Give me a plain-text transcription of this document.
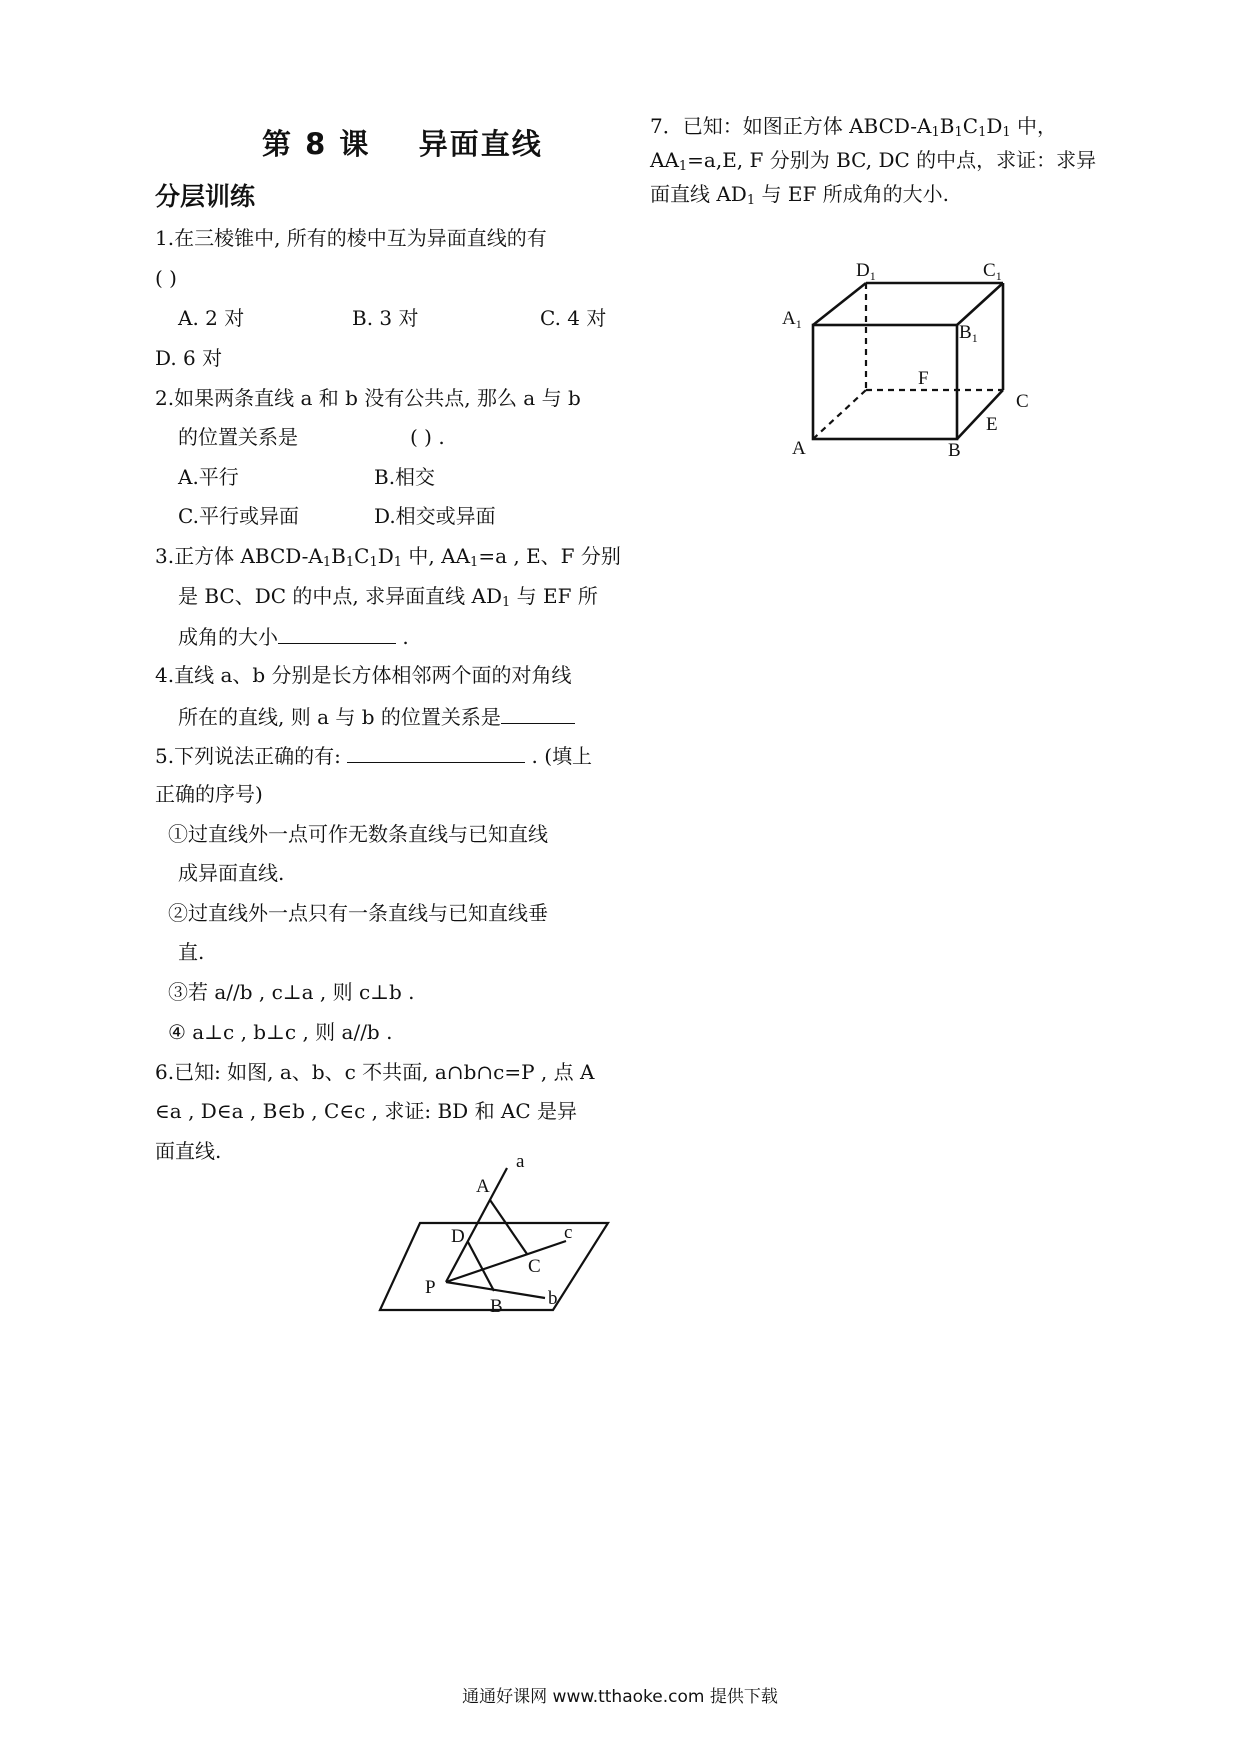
第 8 课    异面直线
分层训练
1.在三棱锥中, 所有的棱中互为异面直线的有
( )
A. 2 对	B. 3 对	C. 4 对
D. 6 对
2.如果两条直线 a 和 b 没有公共点, 那么 a 与 b
的位置关系是	( ) .
A.平行	B.相交
C.平行或异面	D.相交或异面
3.正方体 ABCD-$A_1B_1C_1D_1$ 中, $AA_1=a$ , E、F 分别
是 BC、DC 的中点, 求异面直线 $AD_1$ 与 EF 所
成角的大小	.
4.直线 a、b 分别是长方体相邻两个面的对角线
所在的直线, 则 a 与 b 的位置关系是
5.下列说法正确的有:	. (填上
正确的序号)
①过直线外一点可作无数条直线与已知直线
成异面直线.
②过直线外一点只有一条直线与已知直线垂
直.
③若 a//b , c⊥a , 则 c⊥b .
④ a⊥c , b⊥c , 则 a//b .
6.已知: 如图, a、b、c 不共面, a∩b∩c=P , 点 A
∈a , D∈a , B∈b , C∈c , 求证: BD 和 AC 是异
面直线.
A
a
D	c
C
P
B b
7．已知：如图正方体 ABCD-$A_1B_1C_1D_1$ 中，
$AA_1=a,E$, F 分别为 BC, DC 的中点，求证：求异
面直线 $AD_1$ 与 EF 所成角的大小.
$D_1$	$C_1$
$A_1$	$B_1$
F
C
E
A	B
通通好课网 www.tthaoke.com 提供下载
